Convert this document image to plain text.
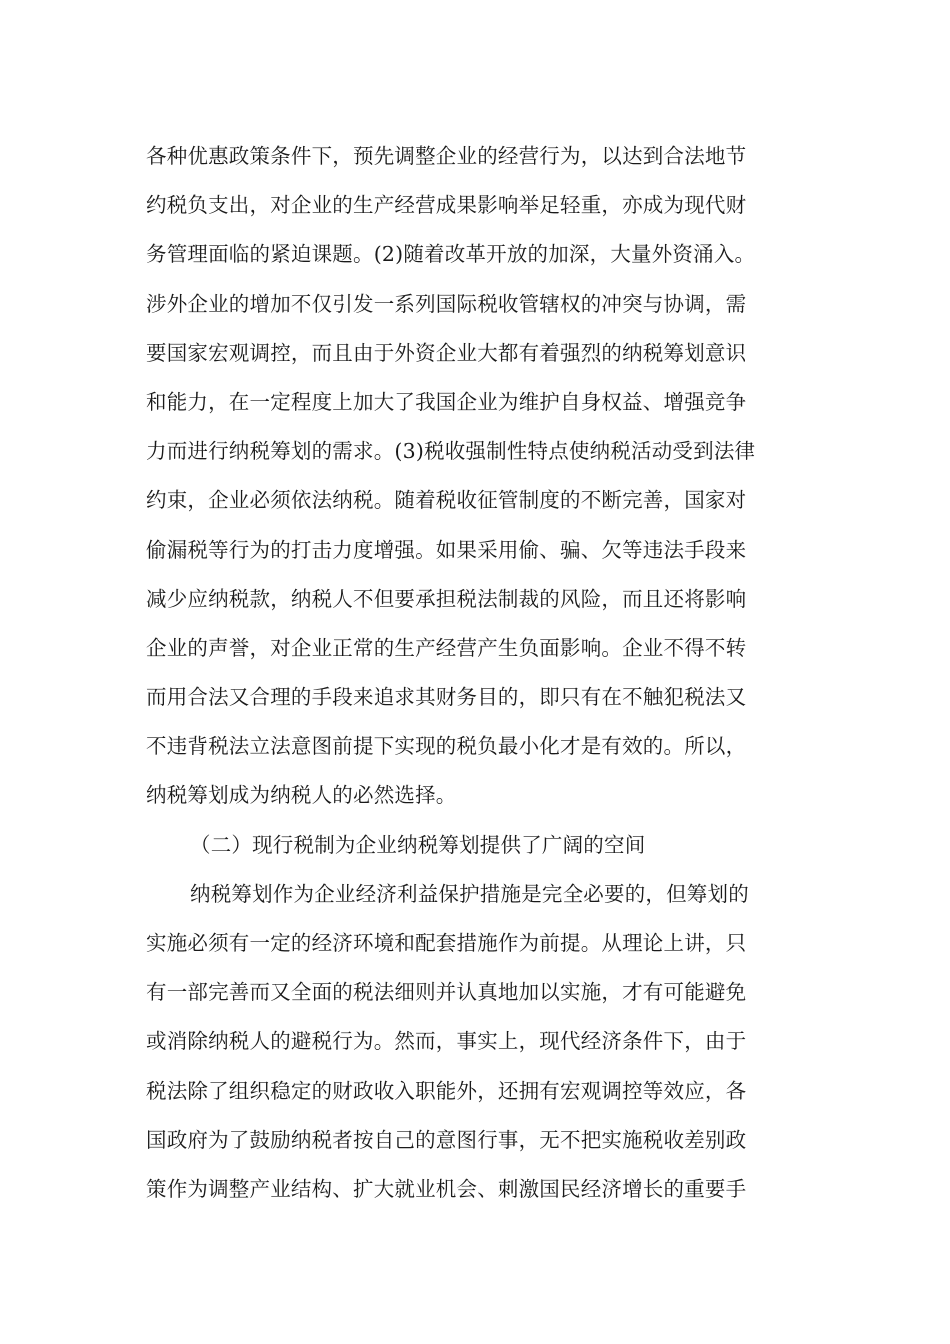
各种优惠政策条件下，预先调整企业的经营行为，以达到合法地节
约税负支出，对企业的生产经营成果影响举足轻重，亦成为现代财
务管理面临的紧迫课题。(2)随着改革开放的加深，大量外资涌入。
涉外企业的增加不仅引发一系列国际税收管辖权的冲突与协调，需
要国家宏观调控，而且由于外资企业大都有着强烈的纳税筹划意识
和能力，在一定程度上加大了我国企业为维护自身权益、增强竞争
力而进行纳税筹划的需求。(3)税收强制性特点使纳税活动受到法律
约束，企业必须依法纳税。随着税收征管制度的不断完善，国家对
偷漏税等行为的打击力度增强。如果采用偷、骗、欠等违法手段来
减少应纳税款，纳税人不但要承担税法制裁的风险，而且还将影响
企业的声誉，对企业正常的生产经营产生负面影响。企业不得不转
而用合法又合理的手段来追求其财务目的，即只有在不触犯税法又
不违背税法立法意图前提下实现的税负最小化才是有效的。所以，
纳税筹划成为纳税人的必然选择。
（二）现行税制为企业纳税筹划提供了广阔的空间
纳税筹划作为企业经济利益保护措施是完全必要的，但筹划的
实施必须有一定的经济环境和配套措施作为前提。从理论上讲，只
有一部完善而又全面的税法细则并认真地加以实施，才有可能避免
或消除纳税人的避税行为。然而，事实上，现代经济条件下，由于
税法除了组织稳定的财政收入职能外，还拥有宏观调控等效应，各
国政府为了鼓励纳税者按自己的意图行事，无不把实施税收差别政
策作为调整产业结构、扩大就业机会、刺激国民经济增长的重要手
